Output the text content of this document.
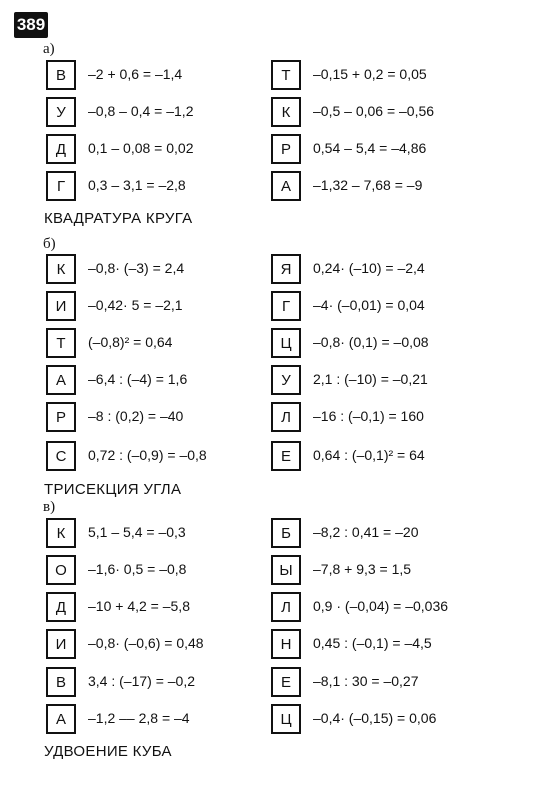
389
а)
В	–2 + 0,6 = –1,4	Т	–0,15 + 0,2 = 0,05
У	–0,8 – 0,4 = –1,2	К	–0,5 – 0,06 = –0,56
Д	0,1 – 0,08 = 0,02	Р	0,54 – 5,4 = –4,86
Г	0,3 – 3,1 = –2,8	А	–1,32 – 7,68 = –9
КВАДРАТУРА КРУГА
б)
К	–0,8· (–3) = 2,4	Я	0,24· (–10) = –2,4
И	–0,42· 5 = –2,1	Г	–4· (–0,01) = 0,04
Т	(–0,8)² = 0,64	Ц	–0,8· (0,1) = –0,08
А	–6,4 : (–4) = 1,6	У	2,1 : (–10) = –0,21
Р	–8 : (0,2) = –40	Л	–16 : (–0,1) = 160
С	0,72 : (–0,9) = –0,8	Е	0,64 : (–0,1)² = 64
ТРИСЕКЦИЯ УГЛА
в)
К	5,1 – 5,4 = –0,3	Б	–8,2 : 0,41 = –20
О	–1,6· 0,5 = –0,8	Ы	–7,8 + 9,3 = 1,5
Д	–10 + 4,2 = –5,8	Л	0,9 · (–0,04) = –0,036
И	–0,8· (–0,6) = 0,48	Н	0,45 : (–0,1) = –4,5
В	3,4 : (–17) = –0,2	Е	–8,1 : 30 = –0,27
А	–1,2 –– 2,8 = –4	Ц	–0,4· (–0,15) = 0,06
УДВОЕНИЕ КУБА
